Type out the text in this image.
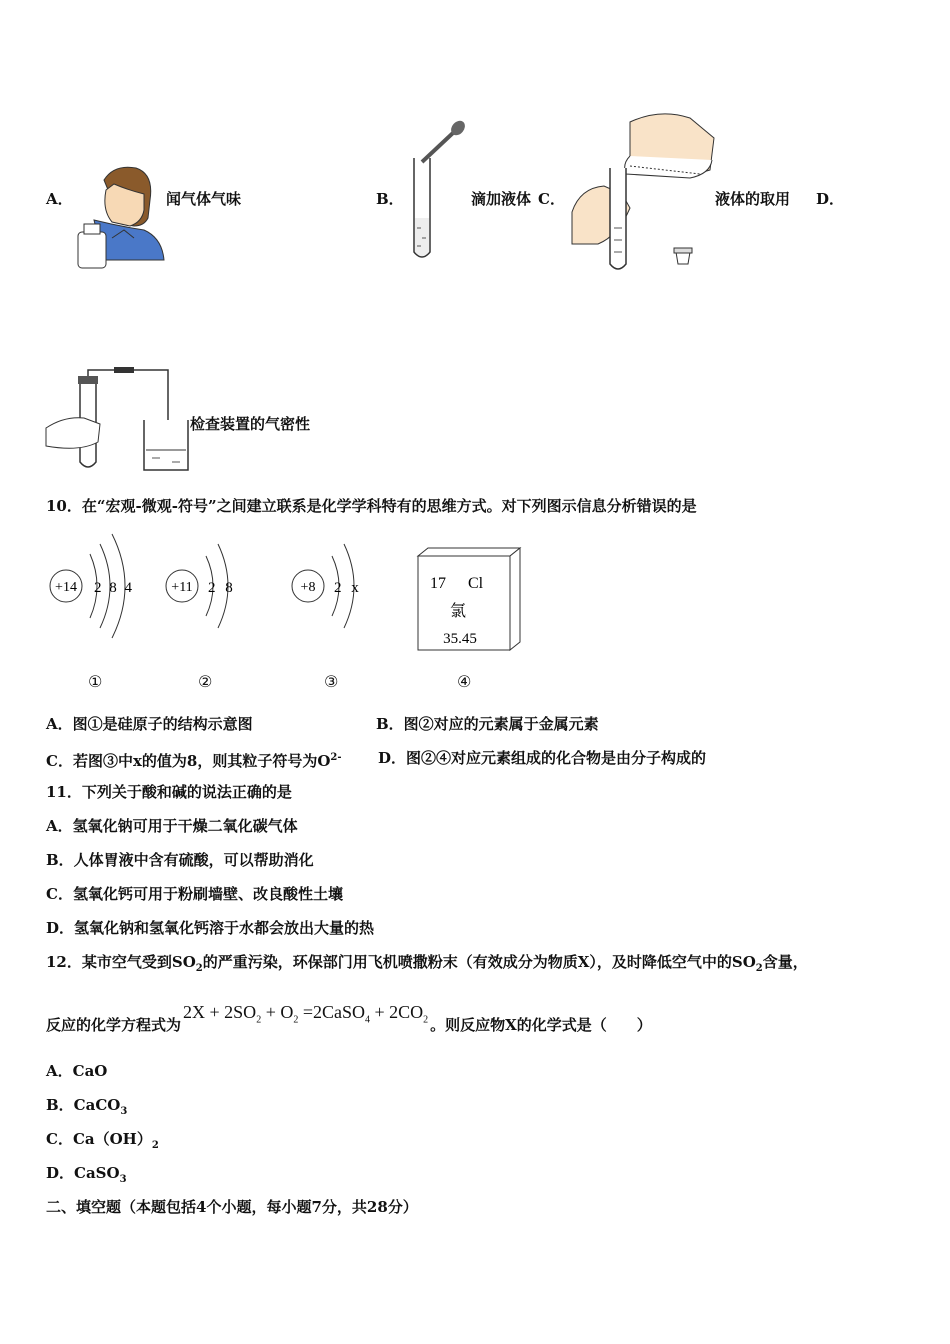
A．	闻气体气味	B．	滴加液体 C．	液体的取用 D．
检查装置的气密性
10．在“宏观-微观-符号”之间建立联系是化学学科特有的思维方式。对下列图示信息分析错误的是
+14 2 8 4	+11 2 8	+8 2 x	17 Cl
氯
35.45
①	②	③	④
A．图①是硅原子的结构示意图	B．图②对应的元素属于金属元素
C．若图③中x的值为8，则其粒子符号为$O^{2-}$ D．图②④对应元素组成的化合物是由分子构成的
11．下列关于酸和碱的说法正确的是
A．氢氧化钠可用于干燥二氧化碳气体
B．人体胃液中含有硫酸，可以帮助消化
C．氢氧化钙可用于粉刷墙壁、改良酸性土壤
D．氢氧化钠和氢氧化钙溶于水都会放出大量的热
12．某市空气受到$SO_2$的严重污染，环保部门用飞机喷撒粉末（有效成分为物质X），及时降低空气中的$SO_2$含量，
反应的化学方程式为$2X + 2SO_2 + O_2$ =2CaSO$_4$ + $2CO_2$ 。则反应物X的化学式是（　　）
A．CaO
B．CaCO$_3$
C．$Ca(OH)_2$
D．CaSO$_3$
二、填空题（本题包括4个小题，每小题7分，共28分）
